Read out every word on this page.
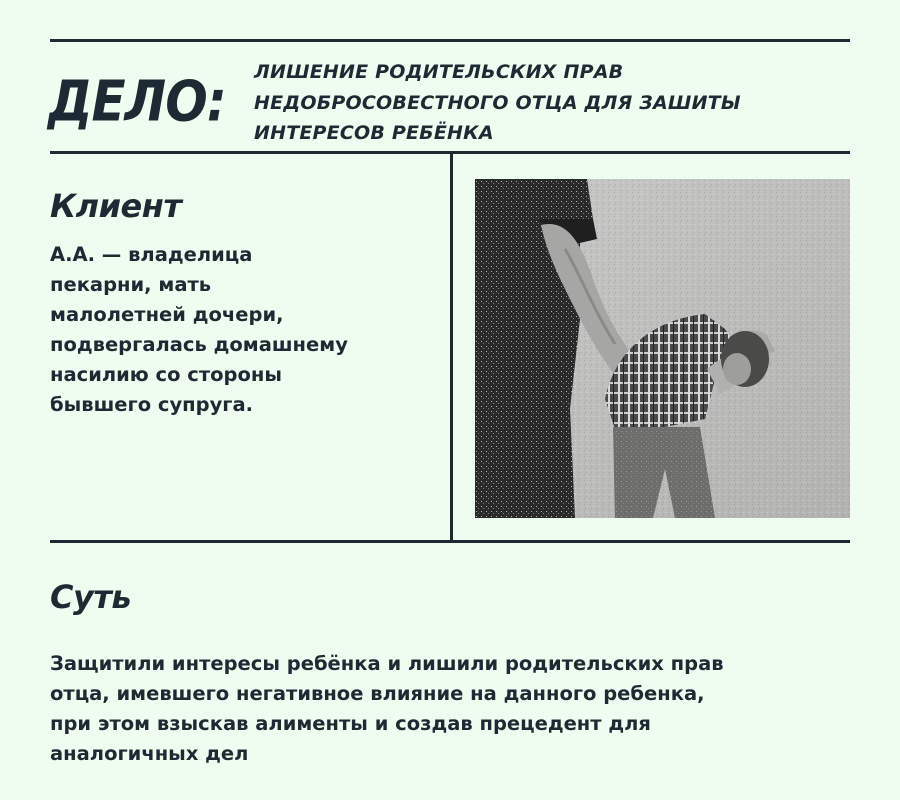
ДЕЛО: ЛИШЕНИЕ РОДИТЕЛЬСКИХ ПРАВ
НЕДОБРОСОВЕСТНОГО ОТЦА ДЛЯ ЗАШИТЫ
ИНТЕРЕСОВ РЕБЁНКА
Клиент

А.А. — владелица
пекарни, мать
малолетней дочери,
подвергалась домашнему
насилию со стороны
бывшего супруга.

Суть

Защитили интересы ребёнка и лишили родительских прав
отца, имевшего негативное влияние на данного ребенка,
при этом взыскав алименты и создав прецедент для
аналогичных дел
